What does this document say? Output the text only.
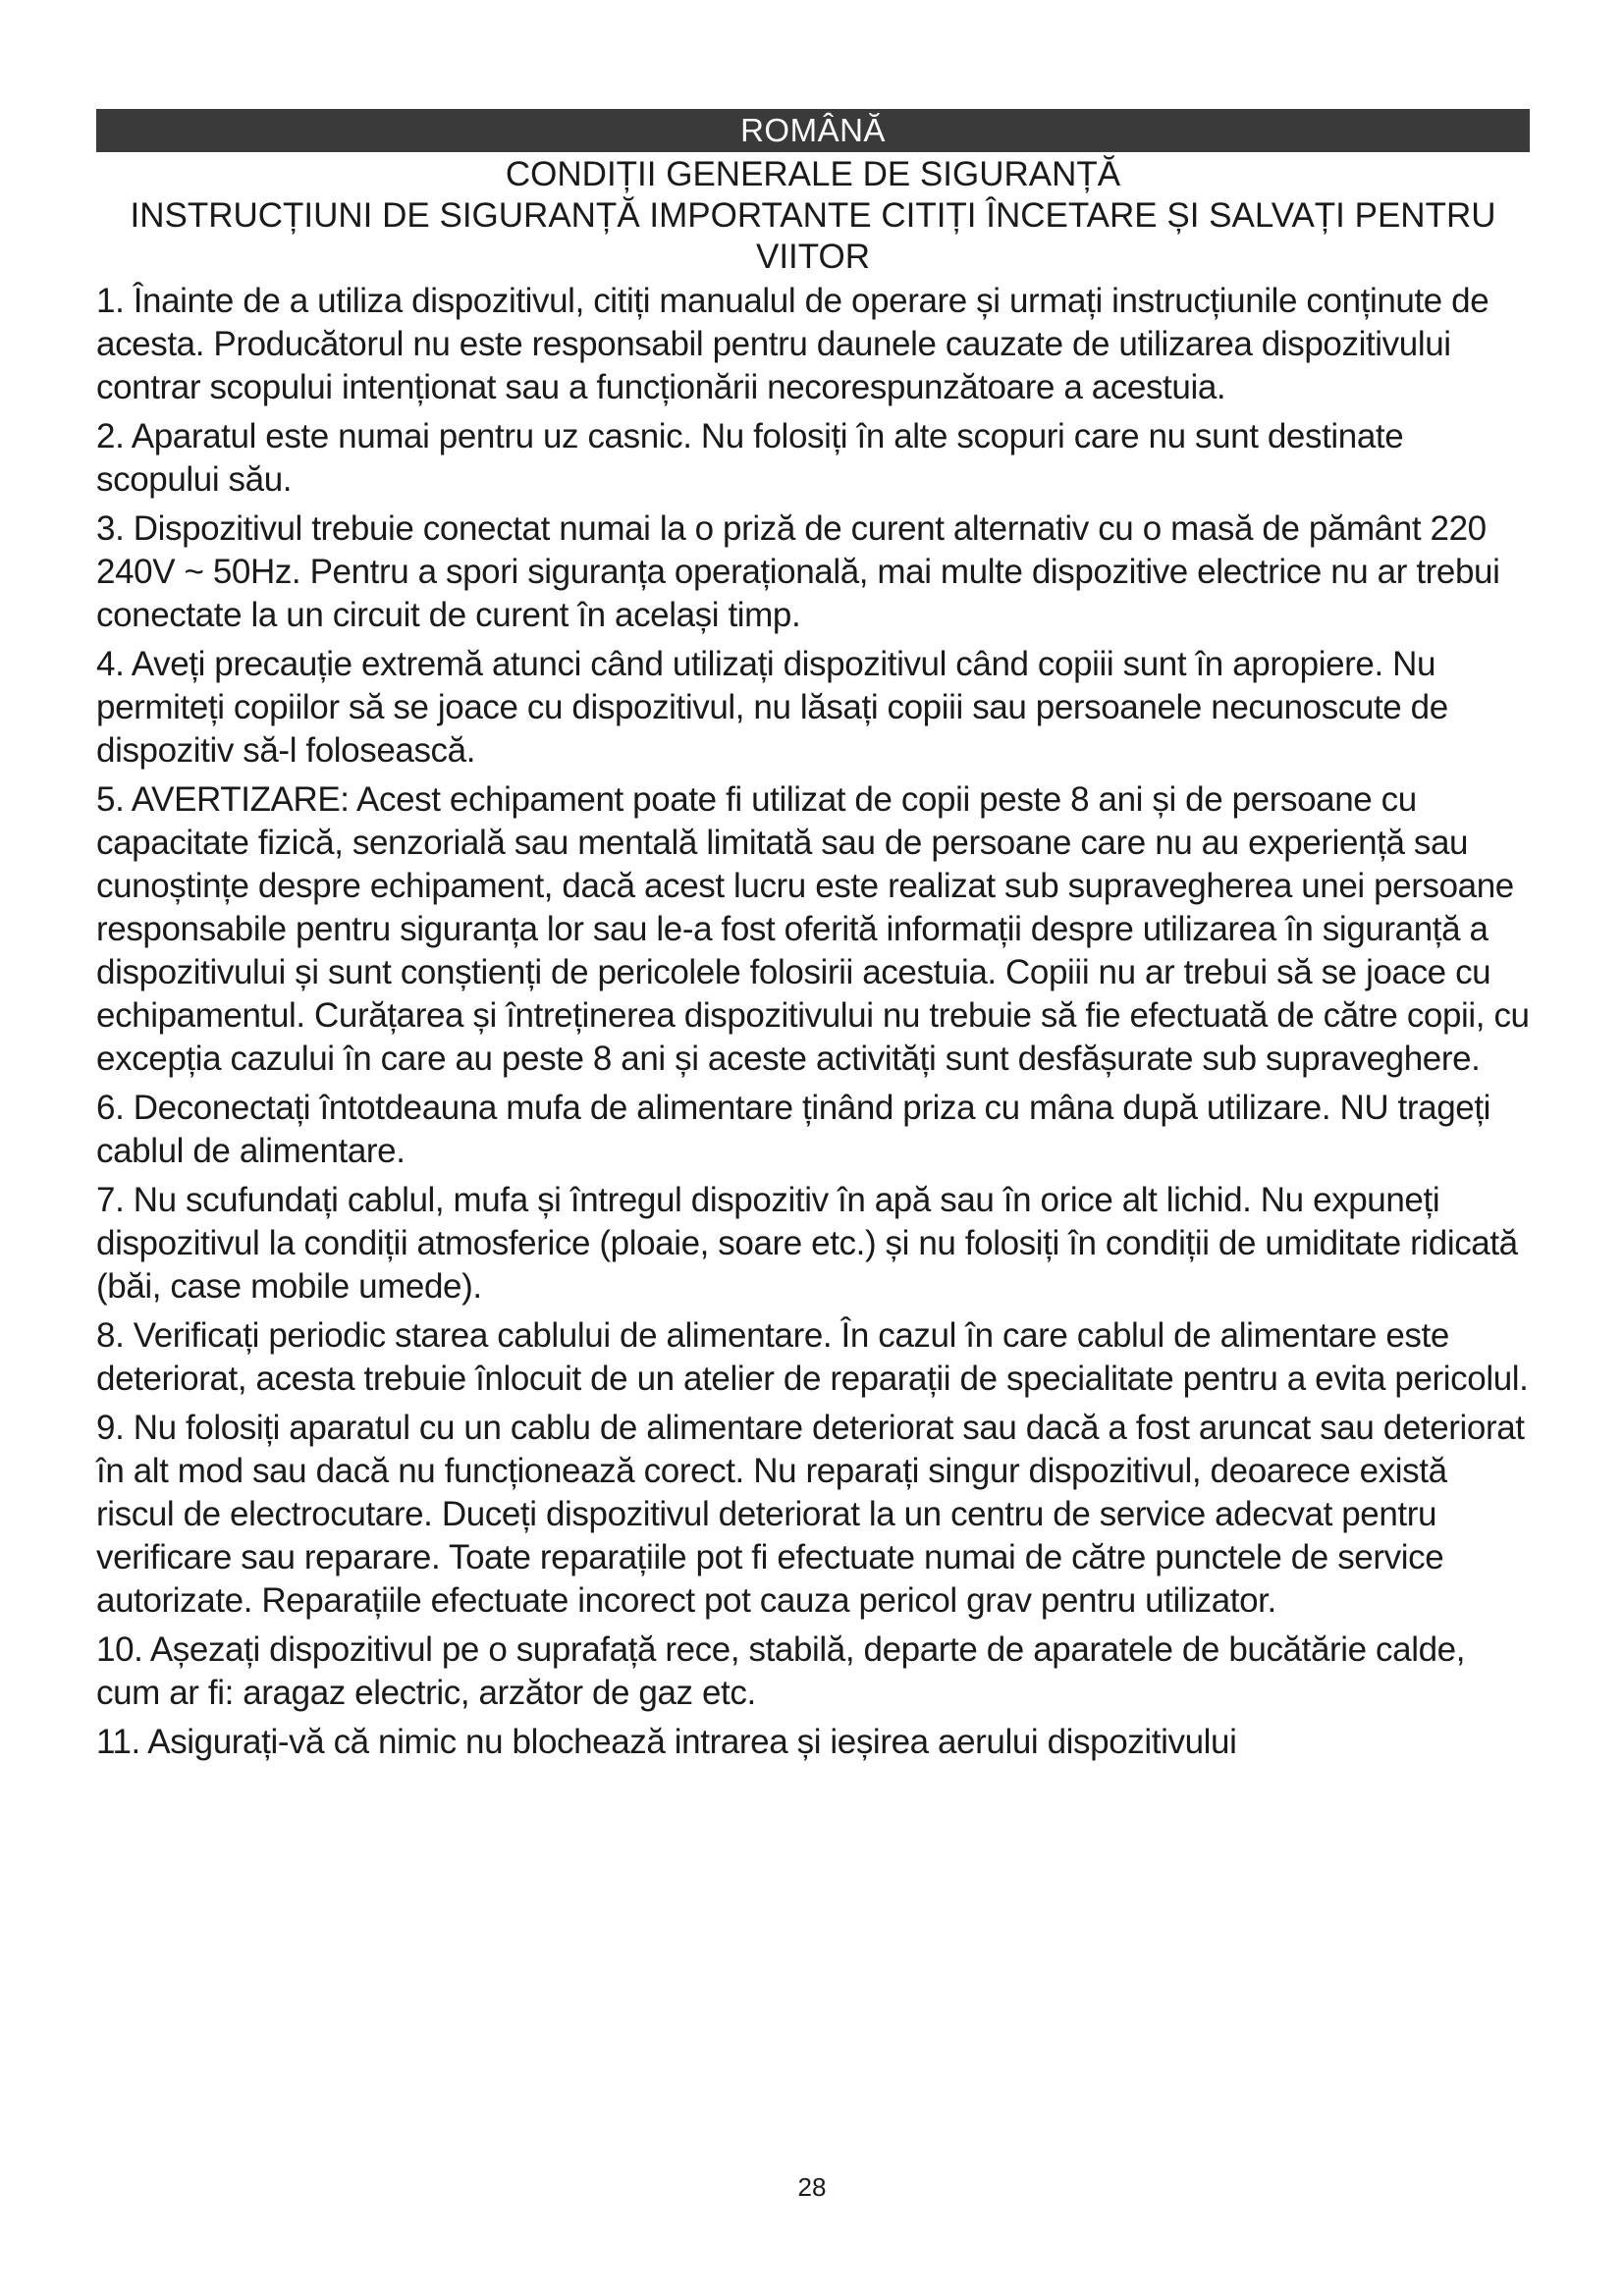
ROMÂNĂ
CONDIȚII GENERALE DE SIGURANȚĂ
INSTRUCȚIUNI DE SIGURANȚĂ IMPORTANTE CITIȚI ÎNCETARE ȘI SALVAȚI PENTRU VIITOR

1. Înainte de a utiliza dispozitivul, citiți manualul de operare și urmați instrucțiunile conținute de acesta. Producătorul nu este responsabil pentru daunele cauzate de utilizarea dispozitivului contrar scopului intenționat sau a funcționării necorespunzătoare a acestuia.

2. Aparatul este numai pentru uz casnic. Nu folosiți în alte scopuri care nu sunt destinate scopului său.

3. Dispozitivul trebuie conectat numai la o priză de curent alternativ cu o masă de pământ 220 240V ~ 50Hz. Pentru a spori siguranța operațională, mai multe dispozitive electrice nu ar trebui conectate la un circuit de curent în același timp.

4. Aveți precauție extremă atunci când utilizați dispozitivul când copiii sunt în apropiere. Nu permiteți copiilor să se joace cu dispozitivul, nu lăsați copiii sau persoanele necunoscute de dispozitiv să-l folosească.

5. AVERTIZARE: Acest echipament poate fi utilizat de copii peste 8 ani și de persoane cu capacitate fizică, senzorială sau mentală limitată sau de persoane care nu au experiență sau cunoștințe despre echipament, dacă acest lucru este realizat sub supravegherea unei persoane responsabile pentru siguranța lor sau le-a fost oferită informații despre utilizarea în siguranță a dispozitivului și sunt conștienți de pericolele folosirii acestuia. Copiii nu ar trebui să se joace cu echipamentul. Curățarea și întreținerea dispozitivului nu trebuie să fie efectuată de către copii, cu excepția cazului în care au peste 8 ani și aceste activități sunt desfășurate sub supraveghere.

6. Deconectați întotdeauna mufa de alimentare ținând priza cu mâna după utilizare. NU trageți cablul de alimentare.

7. Nu scufundați cablul, mufa și întregul dispozitiv în apă sau în orice alt lichid. Nu expuneți dispozitivul la condiții atmosferice (ploaie, soare etc.) și nu folosiți în condiții de umiditate ridicată (băi, case mobile umede).

8. Verificați periodic starea cablului de alimentare. În cazul în care cablul de alimentare este deteriorat, acesta trebuie înlocuit de un atelier de reparații de specialitate pentru a evita pericolul.

9. Nu folosiți aparatul cu un cablu de alimentare deteriorat sau dacă a fost aruncat sau deteriorat în alt mod sau dacă nu funcționează corect. Nu reparați singur dispozitivul, deoarece există riscul de electrocutare. Duceți dispozitivul deteriorat la un centru de service adecvat pentru verificare sau reparare. Toate reparațiile pot fi efectuate numai de către punctele de service autorizate. Reparațiile efectuate incorect pot cauza pericol grav pentru utilizator.

10. Așezați dispozitivul pe o suprafață rece, stabilă, departe de aparatele de bucătărie calde, cum ar fi: aragaz electric, arzător de gaz etc.

11. Asigurați-vă că nimic nu blochează intrarea și ieșirea aerului dispozitivului

28
